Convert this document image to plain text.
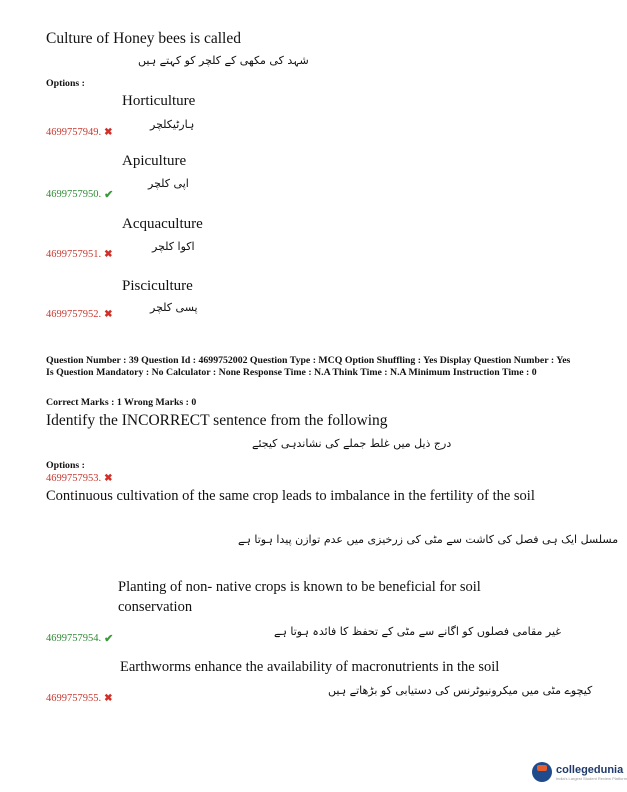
Culture of Honey bees is called
شہد کی مکھی کے کلچر کو کہتے ہیں
Options :
Horticulture
ہارٹیکلچر
4699757949. ✖
Apiculture
اپی کلچر
4699757950. ✔
Acquaculture
اکوا کلچر
4699757951. ✖
Pisciculture
پسی کلچر
4699757952. ✖
Question Number : 39 Question Id : 4699752002 Question Type : MCQ Option Shuffling : Yes Display Question Number : Yes Is Question Mandatory : No Calculator : None Response Time : N.A Think Time : N.A Minimum Instruction Time : 0
Correct Marks : 1 Wrong Marks : 0
Identify the INCORRECT sentence from the following
درج ذیل میں غلط جملے کی نشاندہی کیجئے
Options :
4699757953. ✖
Continuous cultivation of the same crop leads to imbalance in the fertility of the soil
مسلسل ایک ہی فصل کی کاشت سے مٹی کی زرخیزی میں عدم توازن پیدا ہوتا ہے
Planting of non- native crops is known to be beneficial for soil conservation
غیر مقامی فصلوں کو اگانے سے مٹی کے تحفظ کا فائدہ ہوتا ہے
4699757954. ✔
Earthworms enhance the availability of macronutrients in the soil
کیچوے مٹی میں میکرونیوٹرنس کی دستیابی کو بڑھاتے ہیں
4699757955. ✖
collegedunia
India's Largest Student Review Platform
